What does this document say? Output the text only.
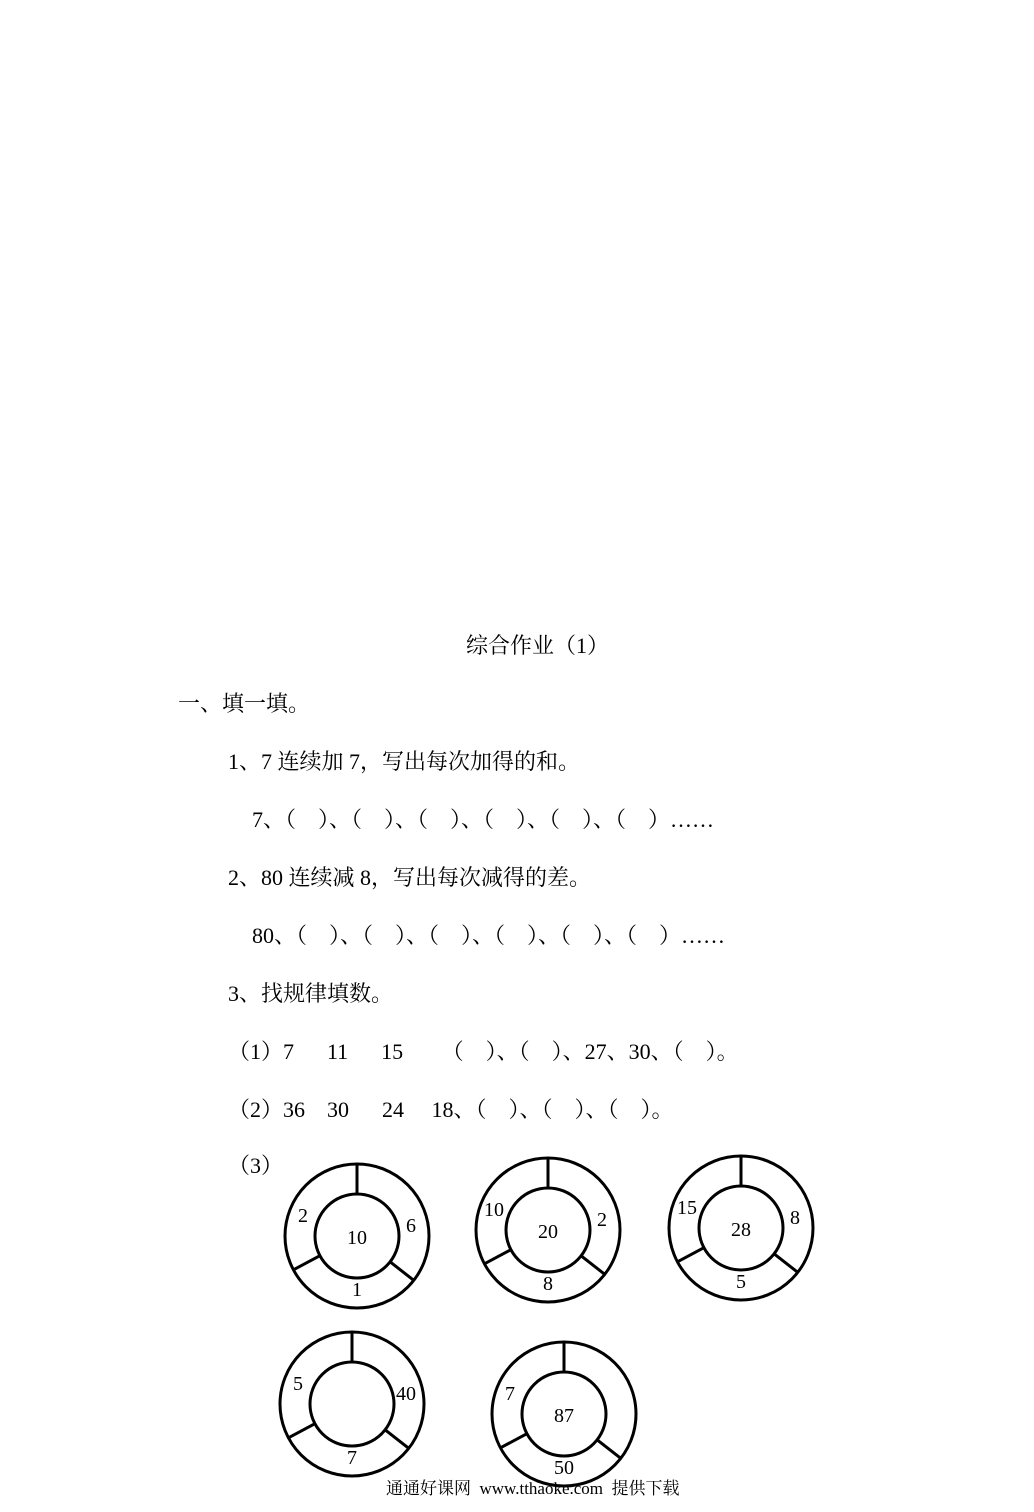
综合作业（1）
一、填一填。
1、7 连续加 7，写出每次加得的和。
7、（    ）、（    ）、（    ）、（    ）、（    ）、（    ）……
2、80 连续减 8，写出每次减得的差。
80、（    ）、（    ）、（    ）、（    ）、（    ）、（    ）……
3、找规律填数。
（1）7      11      15       （    ）、（    ）、27、30、（    ）。
（2）36    30      24     18、（    ）、（    ）、（    ）。
（3）
10
2	6
1
20
10	2
8
28
15	8
5
5	40
7
87
7
50
通通好课网  www.tthaoke.com  提供下载
